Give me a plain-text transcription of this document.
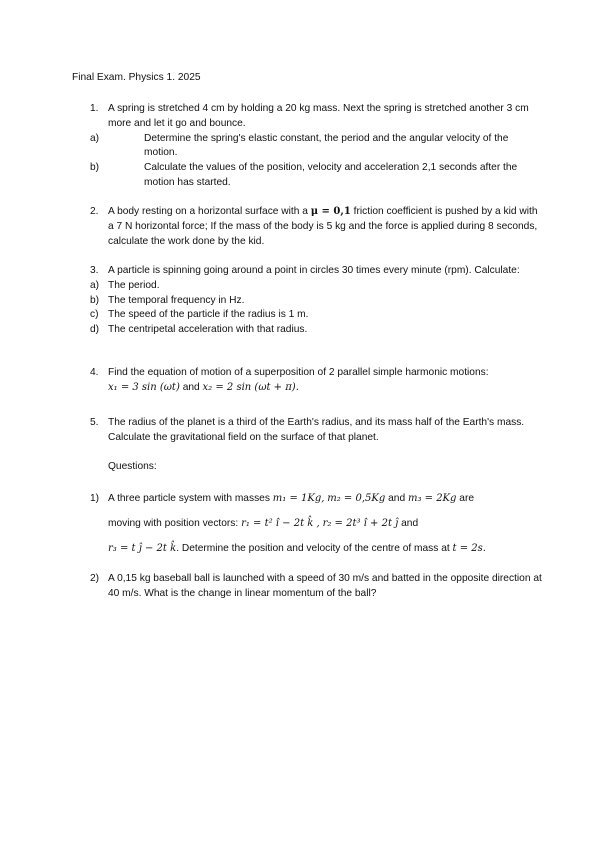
Final Exam. Physics 1. 2025
1. A spring is stretched 4 cm by holding a 20 kg mass. Next the spring is stretched another 3 cm more and let it go and bounce.
a)	Determine the spring's elastic constant, the period and the angular velocity of the motion.
b)	Calculate the values of the position, velocity and acceleration 2,1 seconds after the motion has started.
2. A body resting on a horizontal surface with a μ = 0,1 friction coefficient is pushed by a kid with a 7 N horizontal force; If the mass of the body is 5 kg and the force is applied during 8 seconds, calculate the work done by the kid.
3. A particle is spinning going around a point in circles 30 times every minute (rpm). Calculate:
a) The period.
b) The temporal frequency in Hz.
c) The speed of the particle if the radius is 1 m.
d) The centripetal acceleration with that radius.
4. Find the equation of motion of a superposition of 2 parallel simple harmonic motions:
x₁ = 3 sin (ωt) and x₂ = 2 sin (ωt + π).
5. The radius of the planet is a third of the Earth's radius, and its mass half of the Earth's mass. Calculate the gravitational field on the surface of that planet.
Questions:
1) A three particle system with masses m₁ = 1Kg, m₂ = 0,5Kg and m₃ = 2Kg are
moving with position vectors: r₁ = t² î − 2t k̂ , r₂ = 2t³ î + 2t ĵ and
r₃ = t ĵ − 2t k̂. Determine the position and velocity of the centre of mass at t = 2s.
2) A 0,15 kg baseball ball is launched with a speed of 30 m/s and batted in the opposite direction at 40 m/s. What is the change in linear momentum of the ball?
